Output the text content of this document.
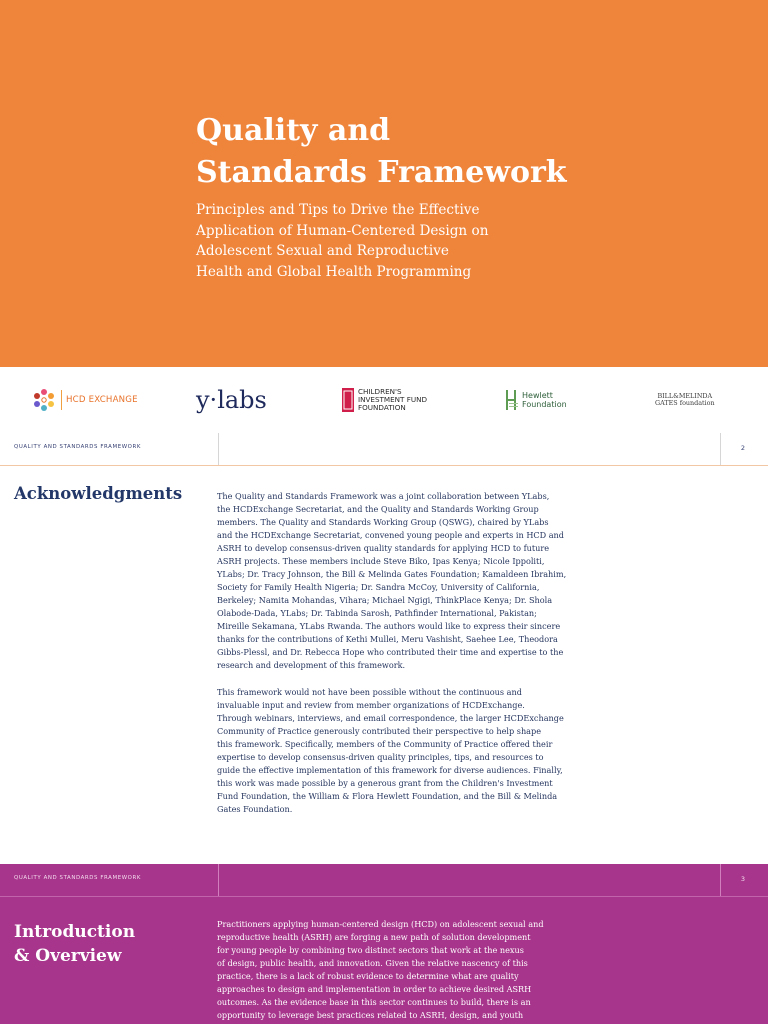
Quality and
Standards Framework
Principles and Tips to Drive the Effective
Application of Human-Centered Design on
Adolescent Sexual and Reproductive
Health and Global Health Programming
HCD EXCHANGE y·labs	CHILDREN'S
INVESTMENT FUND
FOUNDATION
Hewlett
Foundation
BILL&MELINDA
GATES foundation
QUALITY AND STANDARDS FRAMEWORK	2
Acknowledgments	The Quality and Standards Framework was a joint collaboration between YLabs,
the HCDExchange Secretariat, and the Quality and Standards Working Group
members. The Quality and Standards Working Group (QSWG), chaired by YLabs
and the HCDExchange Secretariat, convened young people and experts in HCD and
ASRH to develop consensus-driven quality standards for applying HCD to future
ASRH projects. These members include Steve Biko, Ipas Kenya; Nicole Ippoliti,
YLabs; Dr. Tracy Johnson, the Bill & Melinda Gates Foundation; Kamaldeen Ibrahim,
Society for Family Health Nigeria; Dr. Sandra McCoy, University of California,
Berkeley; Namita Mohandas, Vihara; Michael Ngigi, ThinkPlace Kenya; Dr. Shola
Olabode-Dada, YLabs; Dr. Tabinda Sarosh, Pathfinder International, Pakistan;
Mireille Sekamana, YLabs Rwanda. The authors would like to express their sincere
thanks for the contributions of Kethi Mullei, Meru Vashisht, Saehee Lee, Theodora
Gibbs-Plessl, and Dr. Rebecca Hope who contributed their time and expertise to the
research and development of this framework.
This framework would not have been possible without the continuous and
invaluable input and review from member organizations of HCDExchange.
Through webinars, interviews, and email correspondence, the larger HCDExchange
Community of Practice generously contributed their perspective to help shape
this framework. Specifically, members of the Community of Practice offered their
expertise to develop consensus-driven quality principles, tips, and resources to
guide the effective implementation of this framework for diverse audiences. Finally,
this work was made possible by a generous grant from the Children's Investment
Fund Foundation, the William & Flora Hewlett Foundation, and the Bill & Melinda
Gates Foundation.
QUALITY AND STANDARDS FRAMEWORK	3
Introduction
& Overview
Practitioners applying human-centered design (HCD) on adolescent sexual and
reproductive health (ASRH) are forging a new path of solution development
for young people by combining two distinct sectors that work at the nexus
of design, public health, and innovation. Given the relative nascency of this
practice, there is a lack of robust evidence to determine what are quality
approaches to design and implementation in order to achieve desired ASRH
outcomes. As the evidence base in this sector continues to build, there is an
opportunity to leverage best practices related to ASRH, design, and youth
engagement to guide in the creation of quality standards when applying HCD to
